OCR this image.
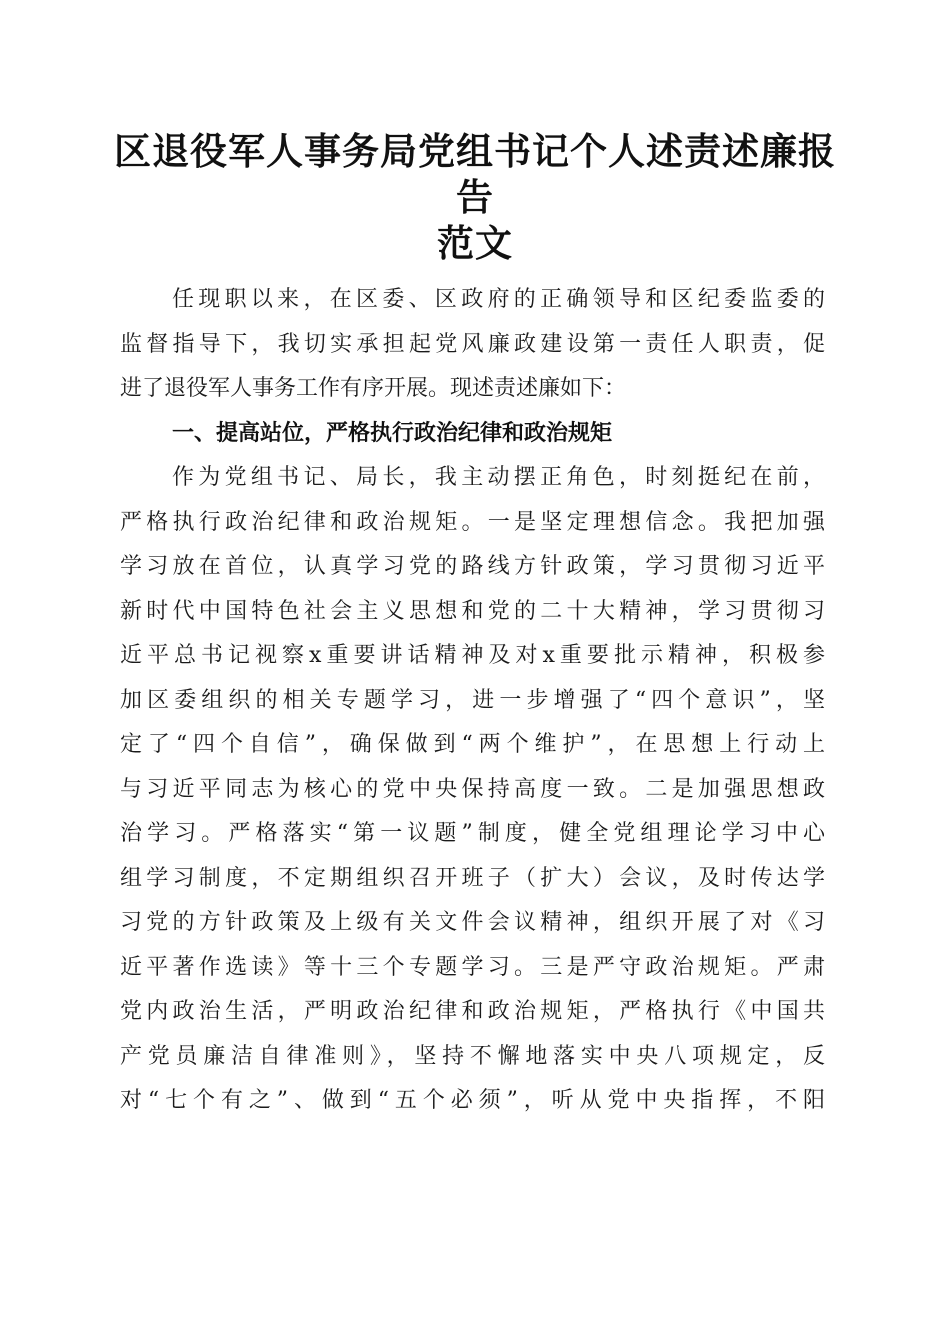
区退役军人事务局党组书记个人述责述廉报告
范文
任现职以来，在区委、区政府的正确领导和区纪委监委的
监督指导下，我切实承担起党风廉政建设第一责任人职责，促
进了退役军人事务工作有序开展。现述责述廉如下：
一、提高站位，严格执行政治纪律和政治规矩
作为党组书记、局长，我主动摆正角色，时刻挺纪在前，
严格执行政治纪律和政治规矩。一是坚定理想信念。我把加强
学习放在首位，认真学习党的路线方针政策，学习贯彻习近平
新时代中国特色社会主义思想和党的二十大精神，学习贯彻习
近平总书记视察x重要讲话精神及对x重要批示精神，积极参
加区委组织的相关专题学习，进一步增强了“四个意识”，坚
定了“四个自信”，确保做到“两个维护”，在思想上行动上
与习近平同志为核心的党中央保持高度一致。二是加强思想政
治学习。严格落实“第一议题”制度，健全党组理论学习中心
组学习制度，不定期组织召开班子（扩大）会议，及时传达学
习党的方针政策及上级有关文件会议精神，组织开展了对《习
近平著作选读》等十三个专题学习。三是严守政治规矩。严肃
党内政治生活，严明政治纪律和政治规矩，严格执行《中国共
产党员廉洁自律准则》，坚持不懈地落实中央八项规定，反
对“七个有之”、做到“五个必须”，听从党中央指挥，不阳
